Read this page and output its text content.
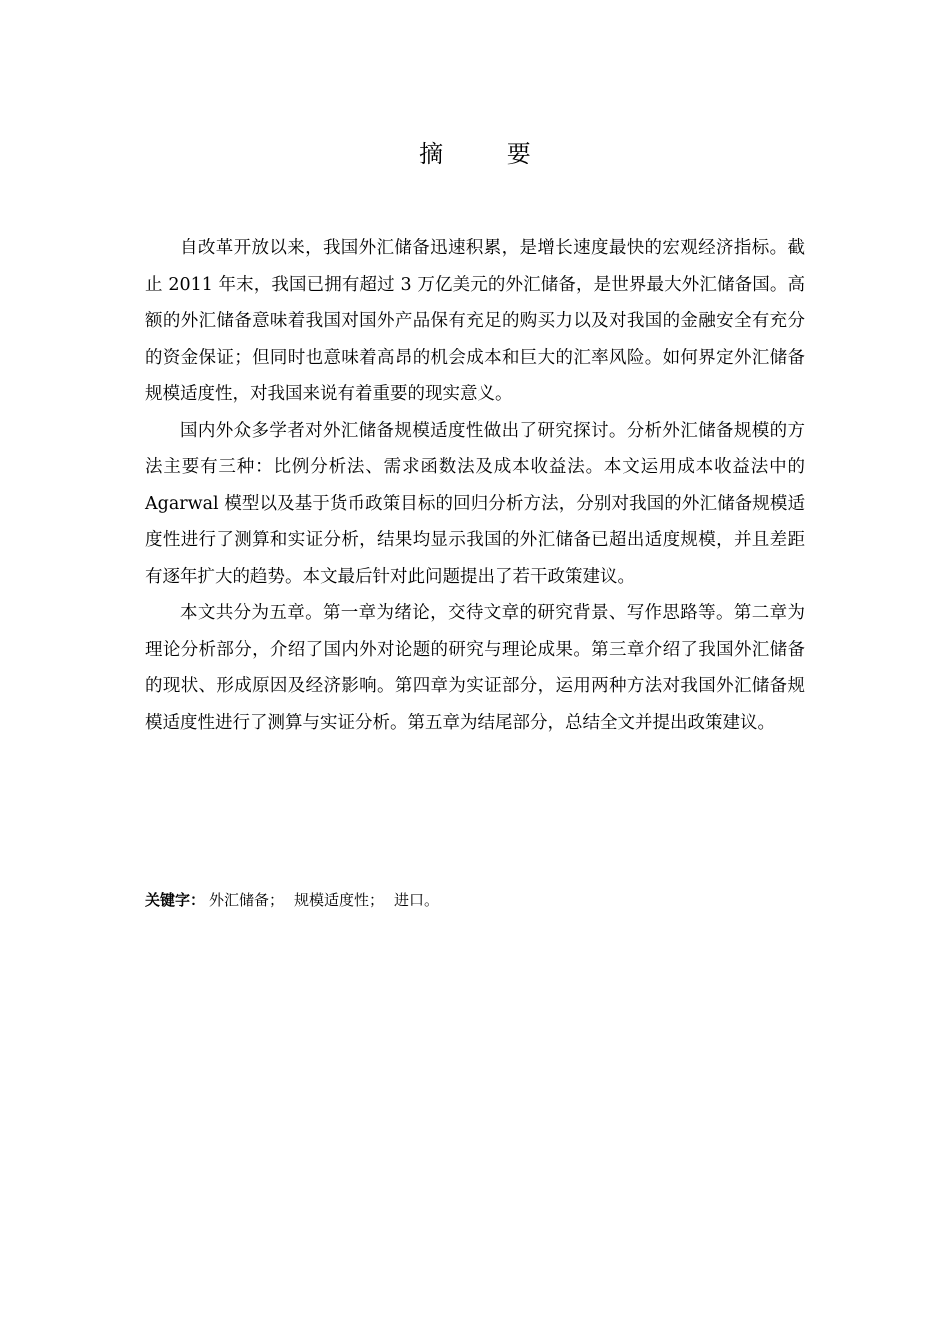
摘 要

自改革开放以来，我国外汇储备迅速积累，是增长速度最快的宏观经济指标。截止 2011 年末，我国已拥有超过 3 万亿美元的外汇储备，是世界最大外汇储备国。高额的外汇储备意味着我国对国外产品保有充足的购买力以及对我国的金融安全有充分的资金保证；但同时也意味着高昂的机会成本和巨大的汇率风险。如何界定外汇储备规模适度性，对我国来说有着重要的现实意义。

国内外众多学者对外汇储备规模适度性做出了研究探讨。分析外汇储备规模的方法主要有三种：比例分析法、需求函数法及成本收益法。本文运用成本收益法中的 Agarwal 模型以及基于货币政策目标的回归分析方法，分别对我国的外汇储备规模适度性进行了测算和实证分析，结果均显示我国的外汇储备已超出适度规模，并且差距有逐年扩大的趋势。本文最后针对此问题提出了若干政策建议。

本文共分为五章。第一章为绪论，交待文章的研究背景、写作思路等。第二章为理论分析部分，介绍了国内外对论题的研究与理论成果。第三章介绍了我国外汇储备的现状、形成原因及经济影响。第四章为实证部分，运用两种方法对我国外汇储备规模适度性进行了测算与实证分析。第五章为结尾部分，总结全文并提出政策建议。

关键字： 外汇储备； 规模适度性； 进口。
